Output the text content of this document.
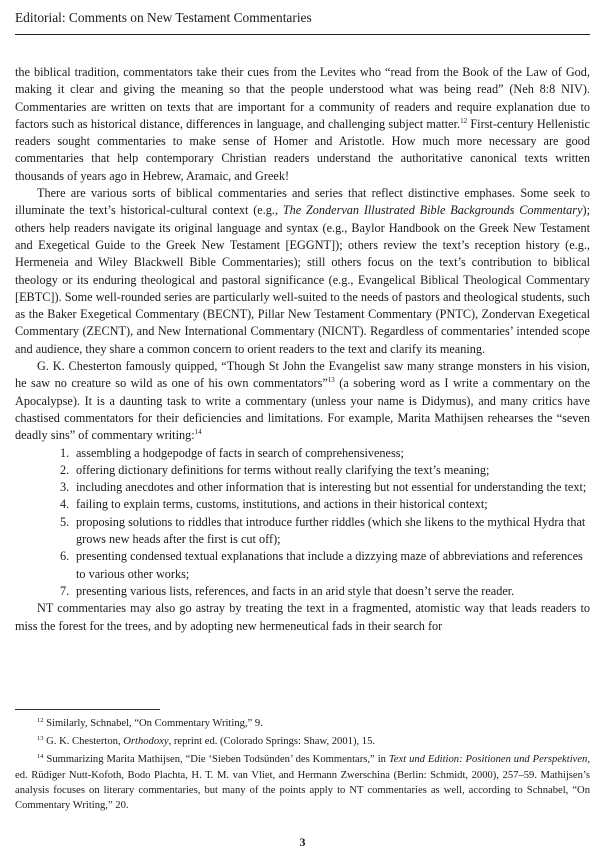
Editorial: Comments on New Testament Commentaries

the biblical tradition, commentators take their cues from the Levites who “read from the Book of the Law of God, making it clear and giving the meaning so that the people understood what was being read” (Neh 8:8 NIV). Commentaries are written on texts that are important for a community of readers and require explanation due to factors such as historical distance, differences in language, and challenging subject matter.$^{12}$ First-century Hellenistic readers sought commentaries to make sense of Homer and Aristotle. How much more necessary are good commentaries that help contemporary Christian readers understand the authoritative canonical texts written thousands of years ago in Hebrew, Aramaic, and Greek!

There are various sorts of biblical commentaries and series that reflect distinctive emphases. Some seek to illuminate the text’s historical-cultural context (e.g., The Zondervan Illustrated Bible Backgrounds Commentary); others help readers navigate its original language and syntax (e.g., Baylor Handbook on the Greek New Testament and Exegetical Guide to the Greek New Testament [EGGNT]); others review the text’s reception history (e.g., Hermeneia and Wiley Blackwell Bible Commentaries); still others focus on the text’s contribution to biblical theology or its enduring theological and pastoral significance (e.g., Evangelical Biblical Theological Commentary [EBTC]). Some well-rounded series are particularly well-suited to the needs of pastors and theological students, such as the Baker Exegetical Commentary (BECNT), Pillar New Testament Commentary (PNTC), Zondervan Exegetical Commentary (ZECNT), and New International Commentary (NICNT). Regardless of commentaries’ intended scope and audience, they share a common concern to orient readers to the text and clarify its meaning.

G. K. Chesterton famously quipped, “Though St John the Evangelist saw many strange monsters in his vision, he saw no creature so wild as one of his own commentators”$^{13}$ (a sobering word as I write a commentary on the Apocalypse). It is a daunting task to write a commentary (unless your name is Didymus), and many critics have chastised commentators for their deficiencies and limitations. For example, Marita Mathijsen rehearses the “seven deadly sins” of commentary writing:$^{14}$

1. assembling a hodgepodge of facts in search of comprehensiveness;
2. offering dictionary definitions for terms without really clarifying the text’s meaning;
3. including anecdotes and other information that is interesting but not essential for understanding the text;
4. failing to explain terms, customs, institutions, and actions in their historical context;
5. proposing solutions to riddles that introduce further riddles (which she likens to the mythical Hydra that grows new heads after the first is cut off);
6. presenting condensed textual explanations that include a dizzying maze of abbreviations and references to various other works;
7. presenting various lists, references, and facts in an arid style that doesn’t serve the reader.

NT commentaries may also go astray by treating the text in a fragmented, atomistic way that leads readers to miss the forest for the trees, and by adopting new hermeneutical fads in their search for

$^{12}$ Similarly, Schnabel, “On Commentary Writing,” 9.

$^{13}$ G. K. Chesterton, Orthodoxy, reprint ed. (Colorado Springs: Shaw, 2001), 15.

$^{14}$ Summarizing Marita Mathijsen, “Die ‘Sieben Todsünden’ des Kommentars,” in Text und Edition: Positionen und Perspektiven, ed. Rüdiger Nutt-Kofoth, Bodo Plachta, H. T. M. van Vliet, and Hermann Zwerschina (Berlin: Schmidt, 2000), 257–59. Mathijsen’s analysis focuses on literary commentaries, but many of the points apply to NT commentaries as well, according to Schnabel, “On Commentary Writing,” 20.

3
